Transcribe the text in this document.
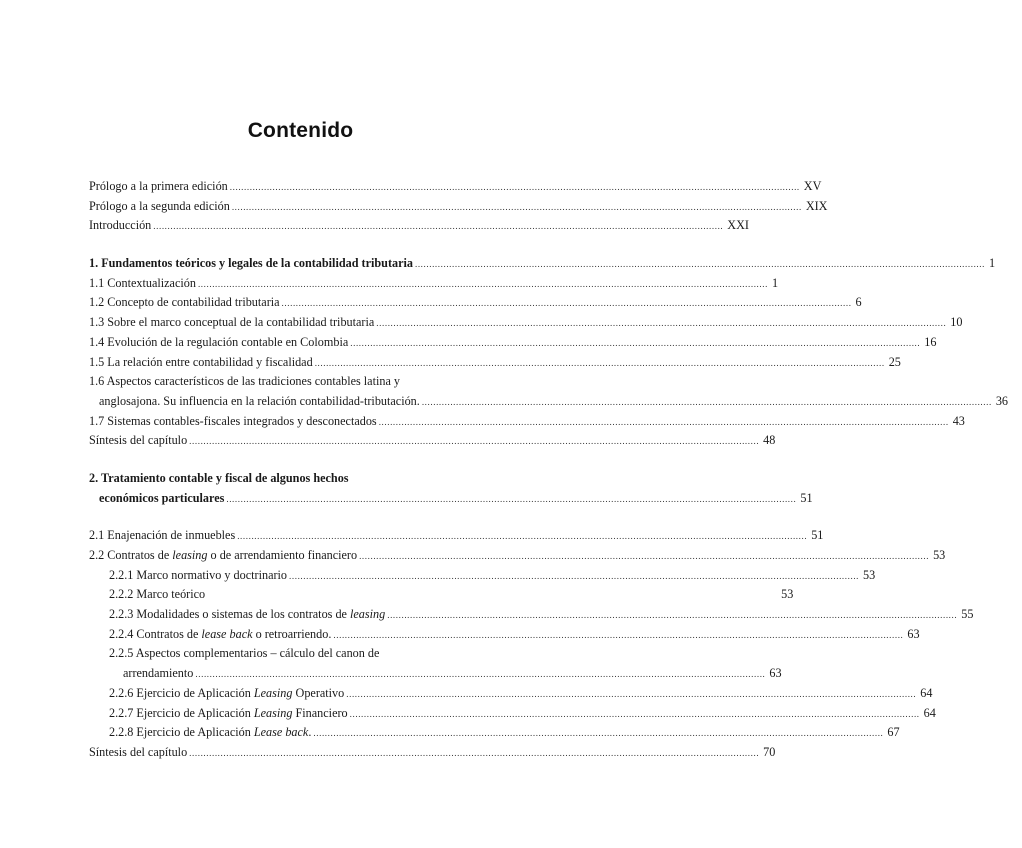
Contenido
Prólogo a la primera edición .....	XV
Prólogo a la segunda edición .....	XIX
Introducción .....	XXI
1. Fundamentos teóricos y legales de la contabilidad tributaria .....	1
1.1 Contextualización .....	1
1.2 Concepto de contabilidad tributaria .....	6
1.3 Sobre el marco conceptual de la contabilidad tributaria .....	10
1.4 Evolución de la regulación contable en Colombia .....	16
1.5 La relación entre contabilidad y fiscalidad .....	25
1.6 Aspectos característicos de las tradiciones contables latina y
anglosajona. Su influencia en la relación contabilidad-tributación. .....	36
1.7 Sistemas contables-fiscales integrados y desconectados .....	43
Síntesis del capítulo .....	48
2. Tratamiento contable y fiscal de algunos hechos
económicos particulares .....	51
2.1 Enajenación de inmuebles .....	51
2.2 Contratos de leasing o de arrendamiento financiero .....	53
2.2.1 Marco normativo y doctrinario .....	53
2.2.2 Marco teórico	53
2.2.3 Modalidades o sistemas de los contratos de leasing .....	55
2.2.4 Contratos de lease back o retroarriendo. .....	63
2.2.5 Aspectos complementarios – cálculo del canon de
arrendamiento .....	63
2.2.6 Ejercicio de Aplicación Leasing Operativo .....	64
2.2.7 Ejercicio de Aplicación Leasing Financiero .....	64
2.2.8 Ejercicio de Aplicación Lease back. .....	67
Síntesis del capítulo .....	70
